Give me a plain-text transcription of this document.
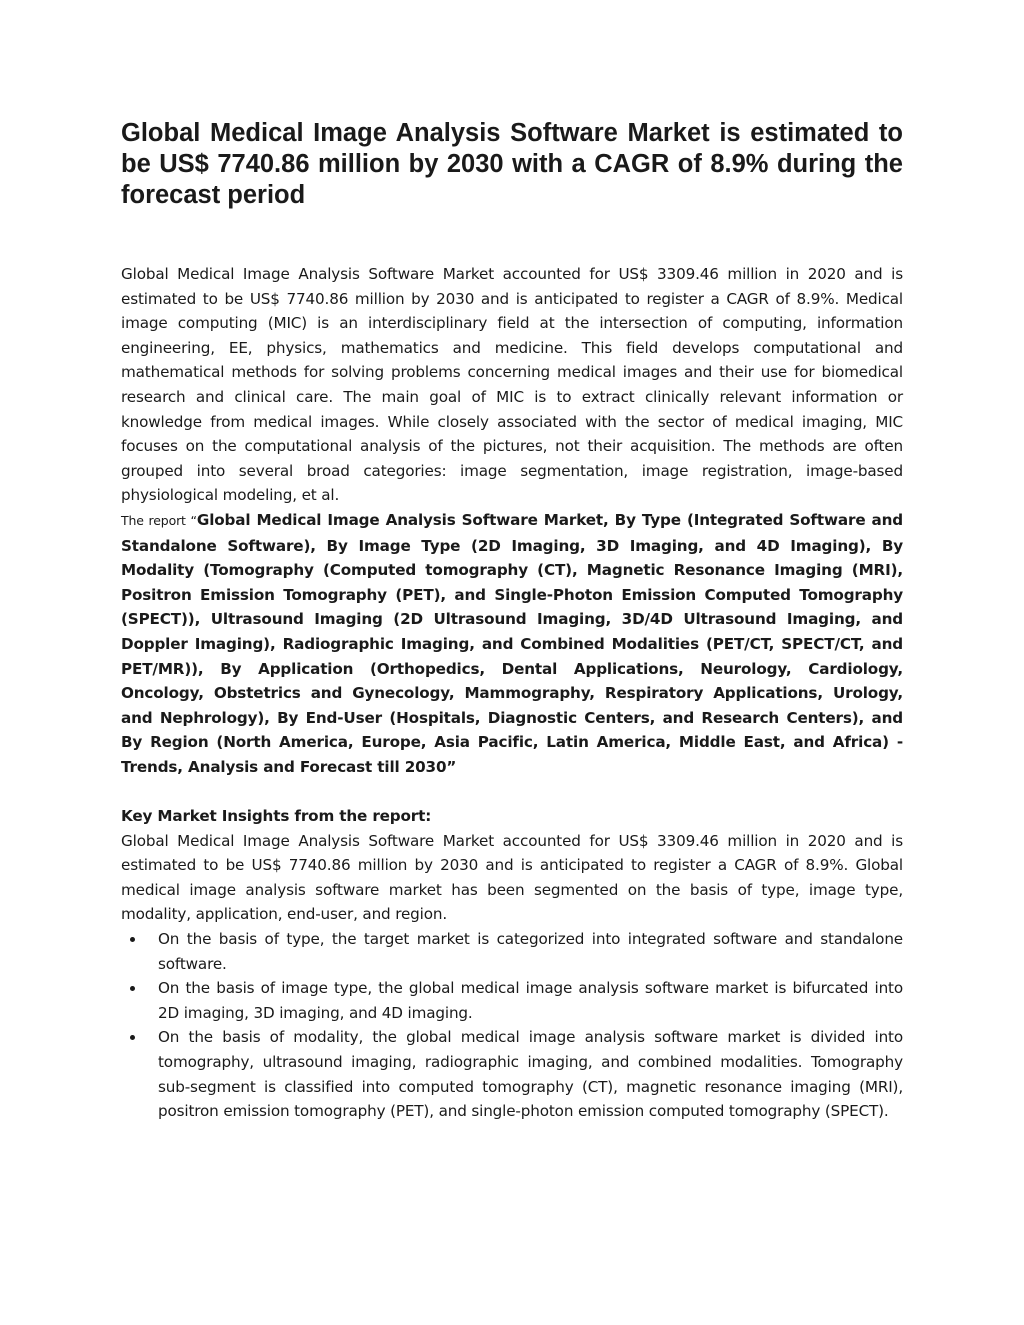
Global Medical Image Analysis Software Market is estimated to be US$ 7740.86 million by 2030 with a CAGR of 8.9% during the forecast period

Global Medical Image Analysis Software Market accounted for US$ 3309.46 million in 2020 and is estimated to be US$ 7740.86 million by 2030 and is anticipated to register a CAGR of 8.9%. Medical image computing (MIC) is an interdisciplinary field at the intersection of computing, information engineering, EE, physics, mathematics and medicine. This field develops computational and mathematical methods for solving problems concerning medical images and their use for biomedical research and clinical care. The main goal of MIC is to extract clinically relevant information or knowledge from medical images. While closely associated with the sector of medical imaging, MIC focuses on the computational analysis of the pictures, not their acquisition. The methods are often grouped into several broad categories: image segmentation, image registration, image-based physiological modeling, et al.

The report “Global Medical Image Analysis Software Market, By Type (Integrated Software and Standalone Software), By Image Type (2D Imaging, 3D Imaging, and 4D Imaging), By Modality (Tomography (Computed tomography (CT), Magnetic Resonance Imaging (MRI), Positron Emission Tomography (PET), and Single-Photon Emission Computed Tomography (SPECT)), Ultrasound Imaging (2D Ultrasound Imaging, 3D/4D Ultrasound Imaging, and Doppler Imaging), Radiographic Imaging, and Combined Modalities (PET/CT, SPECT/CT, and PET/MR)), By Application (Orthopedics, Dental Applications, Neurology, Cardiology, Oncology, Obstetrics and Gynecology, Mammography, Respiratory Applications, Urology, and Nephrology), By End-User (Hospitals, Diagnostic Centers, and Research Centers), and By Region (North America, Europe, Asia Pacific, Latin America, Middle East, and Africa) - Trends, Analysis and Forecast till 2030”

Key Market Insights from the report:

Global Medical Image Analysis Software Market accounted for US$ 3309.46 million in 2020 and is estimated to be US$ 7740.86 million by 2030 and is anticipated to register a CAGR of 8.9%. Global medical image analysis software market has been segmented on the basis of type, image type, modality, application, end-user, and region.

On the basis of type, the target market is categorized into integrated software and standalone software.
On the basis of image type, the global medical image analysis software market is bifurcated into 2D imaging, 3D imaging, and 4D imaging.
On the basis of modality, the global medical image analysis software market is divided into tomography, ultrasound imaging, radiographic imaging, and combined modalities. Tomography sub-segment is classified into computed tomography (CT), magnetic resonance imaging (MRI), positron emission tomography (PET), and single-photon emission computed tomography (SPECT).
